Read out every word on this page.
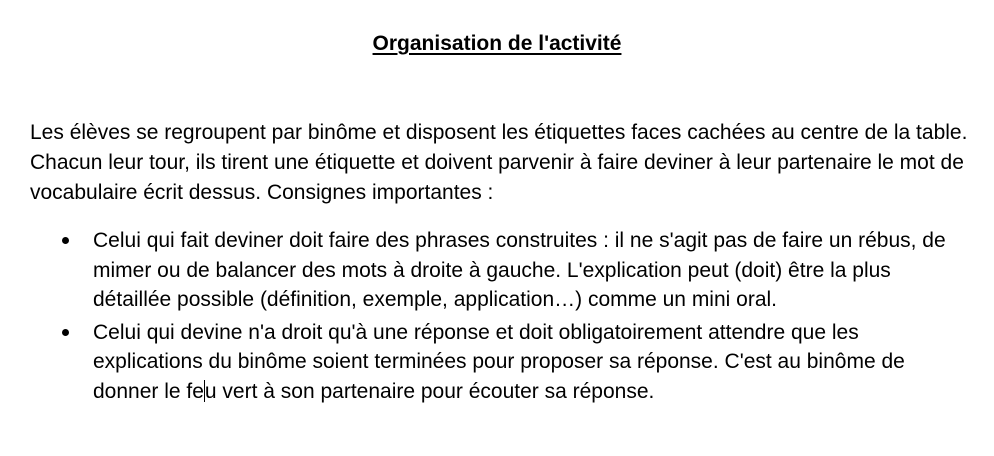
Organisation de l'activité
Les élèves se regroupent par binôme et disposent les étiquettes faces cachées au centre de la table. Chacun leur tour, ils tirent une étiquette et doivent parvenir à faire deviner à leur partenaire le mot de vocabulaire écrit dessus. Consignes importantes :
Celui qui fait deviner doit faire des phrases construites : il ne s'agit pas de faire un rébus, de mimer ou de balancer des mots à droite à gauche. L'explication peut (doit) être la plus détaillée possible (définition, exemple, application…) comme un mini oral.
Celui qui devine n'a droit qu'à une réponse et doit obligatoirement attendre que les explications du binôme soient terminées pour proposer sa réponse. C'est au binôme de donner le feu vert à son partenaire pour écouter sa réponse.
